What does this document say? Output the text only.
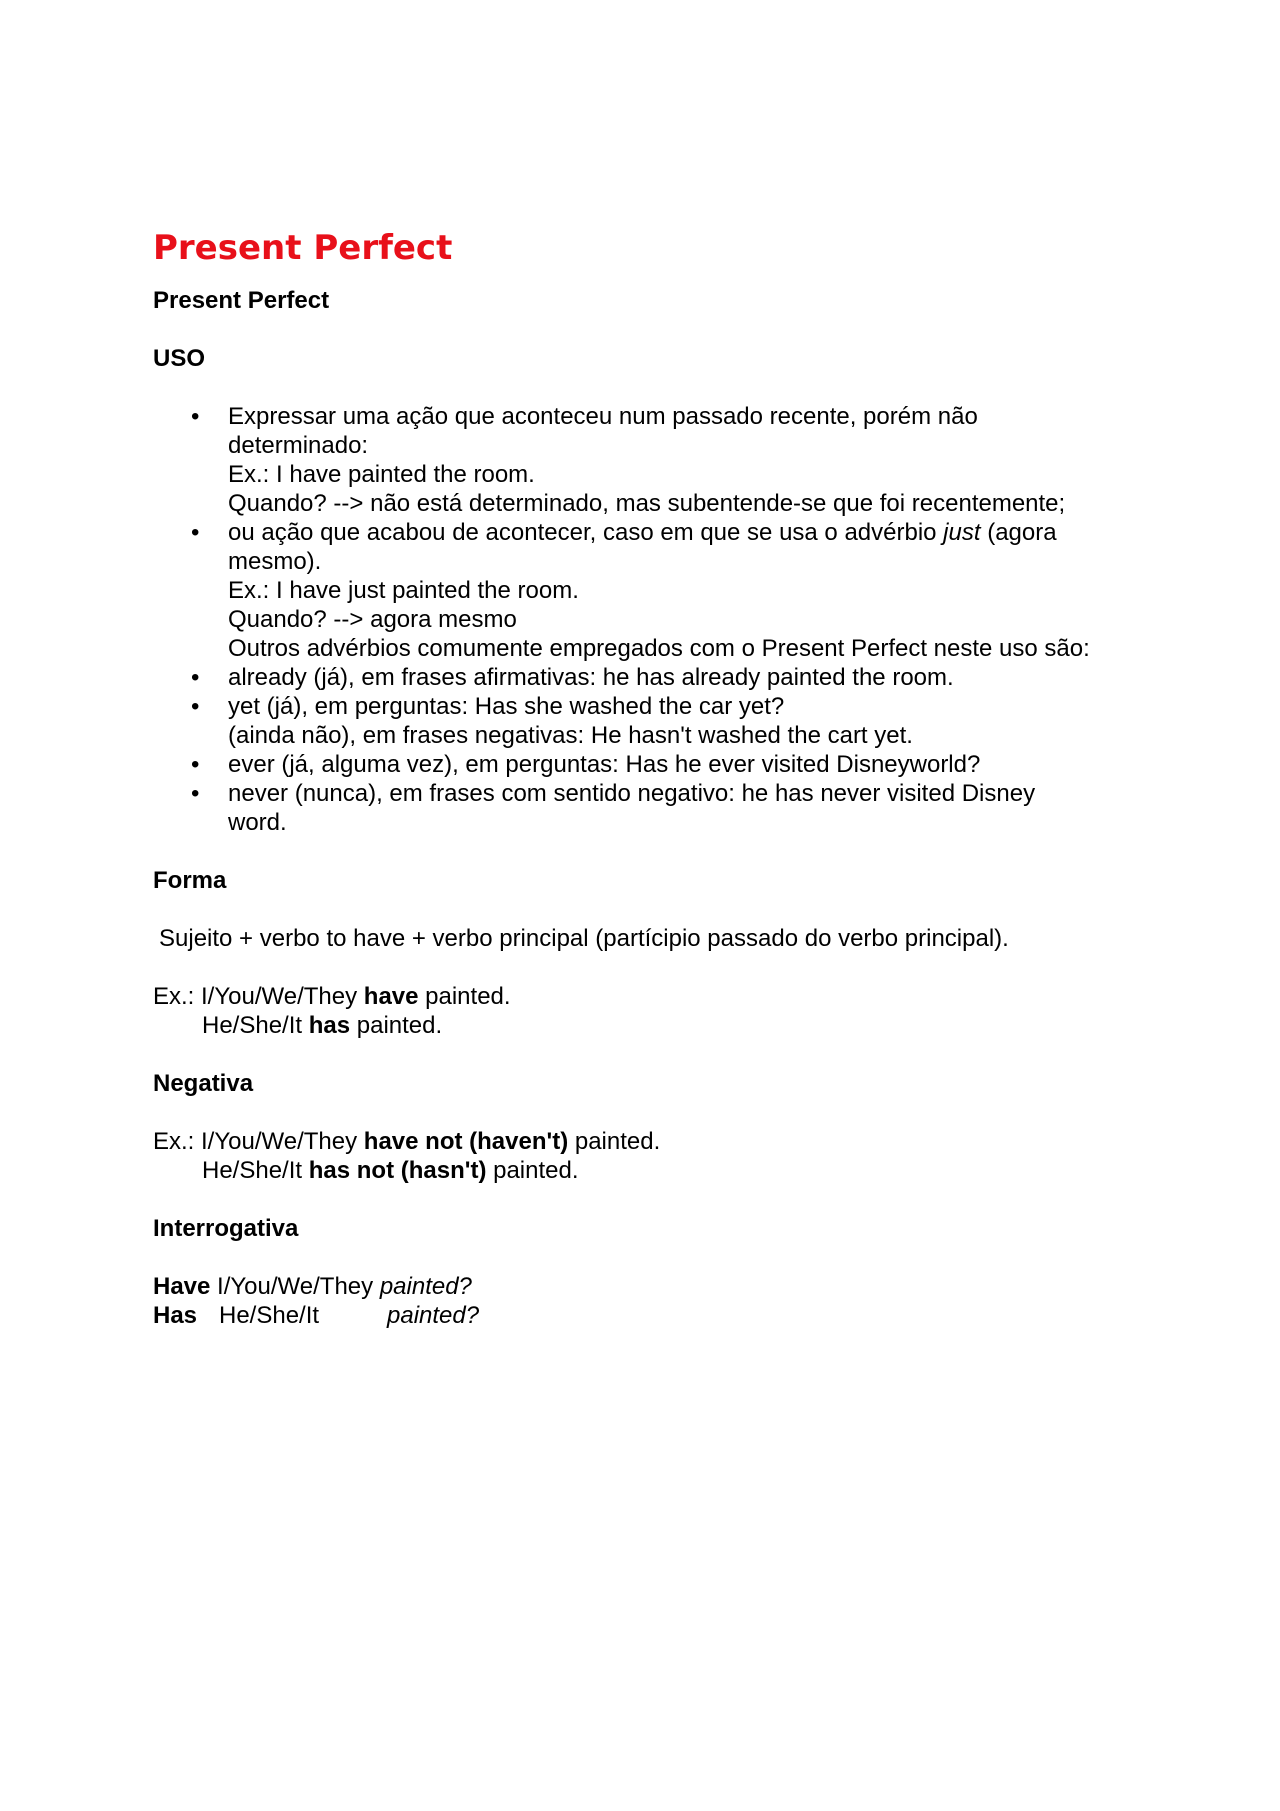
Present Perfect
Present Perfect
USO
• Expressar uma ação que aconteceu num passado recente, porém não
determinado:
Ex.: I have painted the room.
Quando? --> não está determinado, mas subentende-se que foi recentemente;
• ou ação que acabou de acontecer, caso em que se usa o advérbio just (agora
mesmo).
Ex.: I have just painted the room.
Quando? --> agora mesmo
Outros advérbios comumente empregados com o Present Perfect neste uso são:
• already (já), em frases afirmativas: he has already painted the room.
• yet (já), em perguntas: Has she washed the car yet?
(ainda não), em frases negativas: He hasn't washed the cart yet.
• ever (já, alguma vez), em perguntas: Has he ever visited Disneyworld?
• never (nunca), em frases com sentido negativo: he has never visited Disney
word.
Forma
Sujeito + verbo to have + verbo principal (partícipio passado do verbo principal).
Ex.: I/You/We/They have painted.
He/She/It has painted.
Negativa
Ex.: I/You/We/They have not (haven't) painted.
He/She/It has not (hasn't) painted.
Interrogativa
Have I/You/We/They painted?
Has He/She/It	painted?
